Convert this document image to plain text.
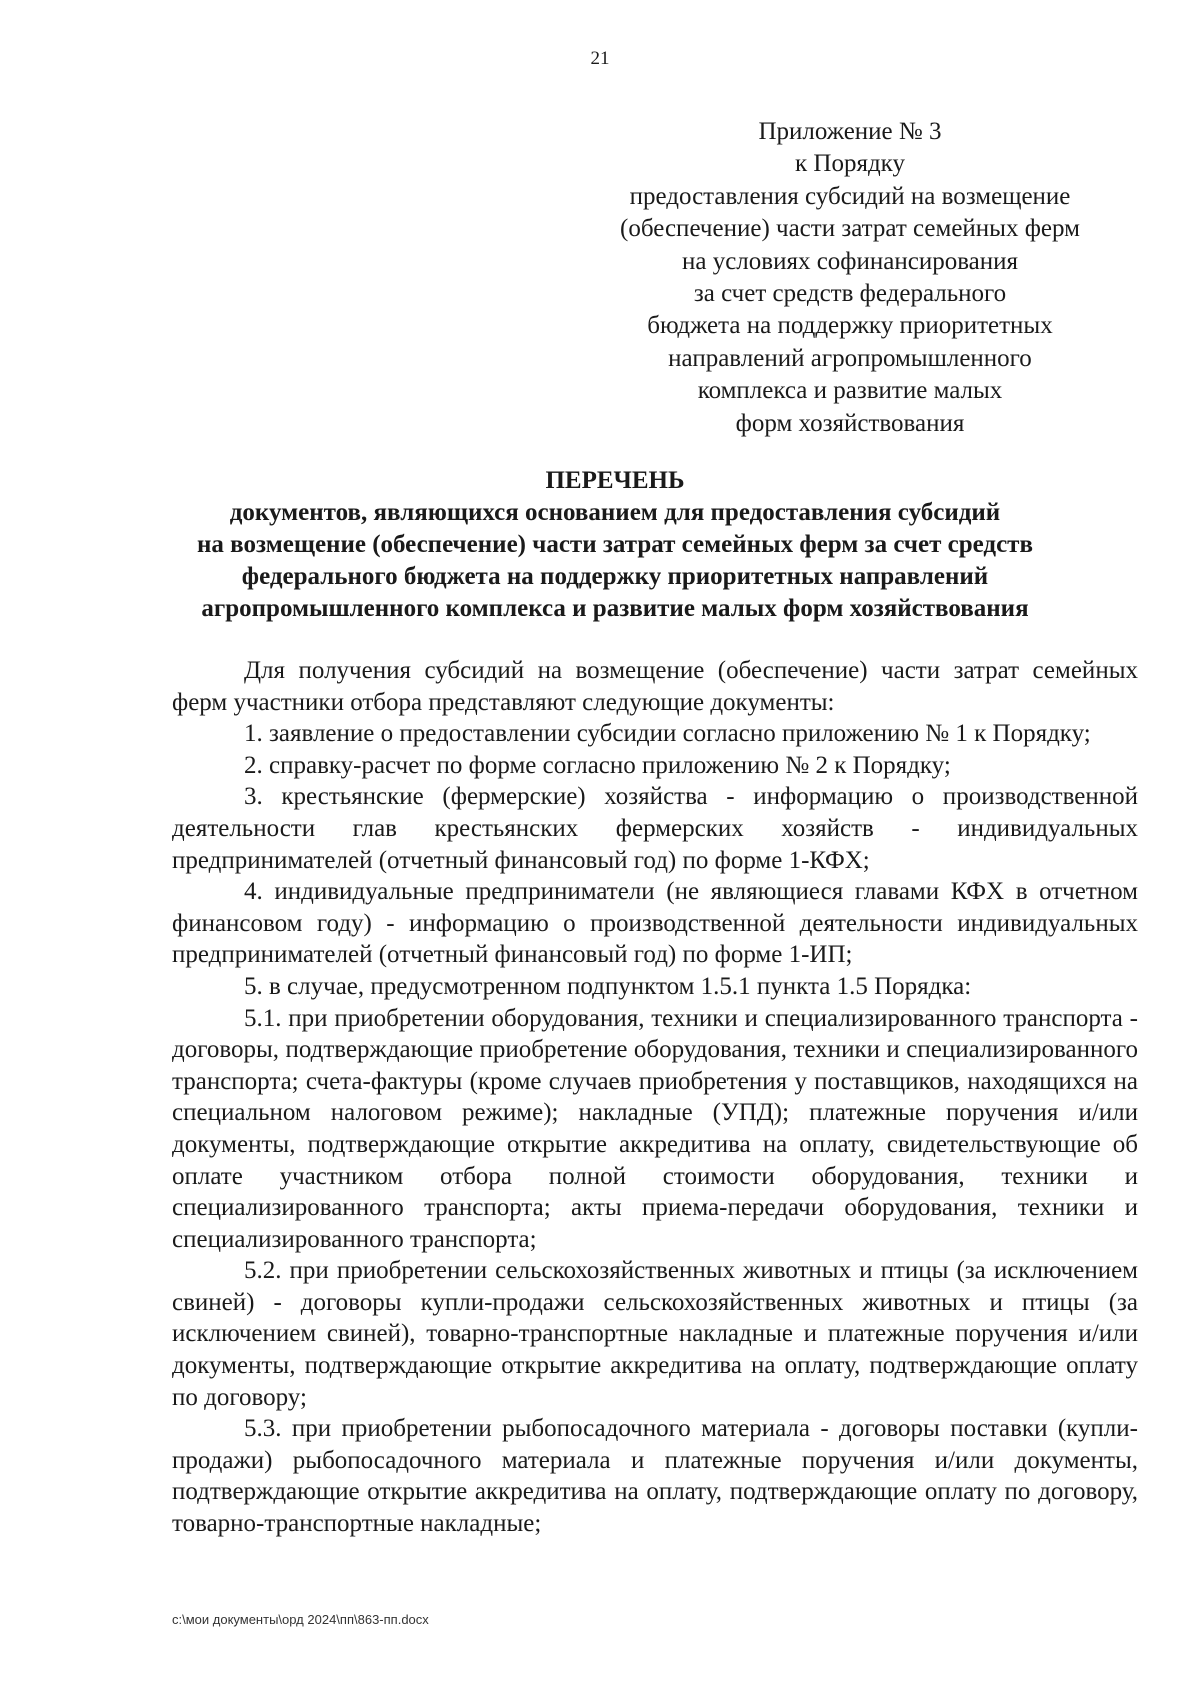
21
Приложение № 3
к Порядку
предоставления субсидий на возмещение
(обеспечение) части затрат семейных ферм
на условиях софинансирования
за счет средств федерального
бюджета на поддержку приоритетных
направлений агропромышленного
комплекса и развитие малых
форм хозяйствования
ПЕРЕЧЕНЬ
документов, являющихся основанием для предоставления субсидий
на возмещение (обеспечение) части затрат семейных ферм за счет средств
федерального бюджета на поддержку приоритетных направлений
агропромышленного комплекса и развитие малых форм хозяйствования

Для получения субсидий на возмещение (обеспечение) части затрат семейных ферм участники отбора представляют следующие документы:

1. заявление о предоставлении субсидии согласно приложению № 1 к Порядку;

2. справку-расчет по форме согласно приложению № 2 к Порядку;

3. крестьянские (фермерские) хозяйства - информацию о производственной деятельности глав крестьянских фермерских хозяйств - индивидуальных предпринимателей (отчетный финансовый год) по форме 1-КФХ;

4. индивидуальные предприниматели (не являющиеся главами КФХ в отчетном финансовом году) - информацию о производственной деятельности индивидуальных предпринимателей (отчетный финансовый год) по форме 1-ИП;

5. в случае, предусмотренном подпунктом 1.5.1 пункта 1.5 Порядка:

5.1. при приобретении оборудования, техники и специализированного транспорта - договоры, подтверждающие приобретение оборудования, техники и специализированного транспорта; счета-фактуры (кроме случаев приобретения у поставщиков, находящихся на специальном налоговом режиме); накладные (УПД); платежные поручения и/или документы, подтверждающие открытие аккредитива на оплату, свидетельствующие об оплате участником отбора полной стоимости оборудования, техники и специализированного транспорта; акты приема-передачи оборудования, техники и специализированного транспорта;

5.2. при приобретении сельскохозяйственных животных и птицы (за исключением свиней) - договоры купли-продажи сельскохозяйственных животных и птицы (за исключением свиней), товарно-транспортные накладные и платежные поручения и/или документы, подтверждающие открытие аккредитива на оплату, подтверждающие оплату по договору;

5.3. при приобретении рыбопосадочного материала - договоры поставки (купли-продажи) рыбопосадочного материала и платежные поручения и/или документы, подтверждающие открытие аккредитива на оплату, подтверждающие оплату по договору, товарно-транспортные накладные;

c:\мои документы\орд 2024\пп\863-пп.docx
